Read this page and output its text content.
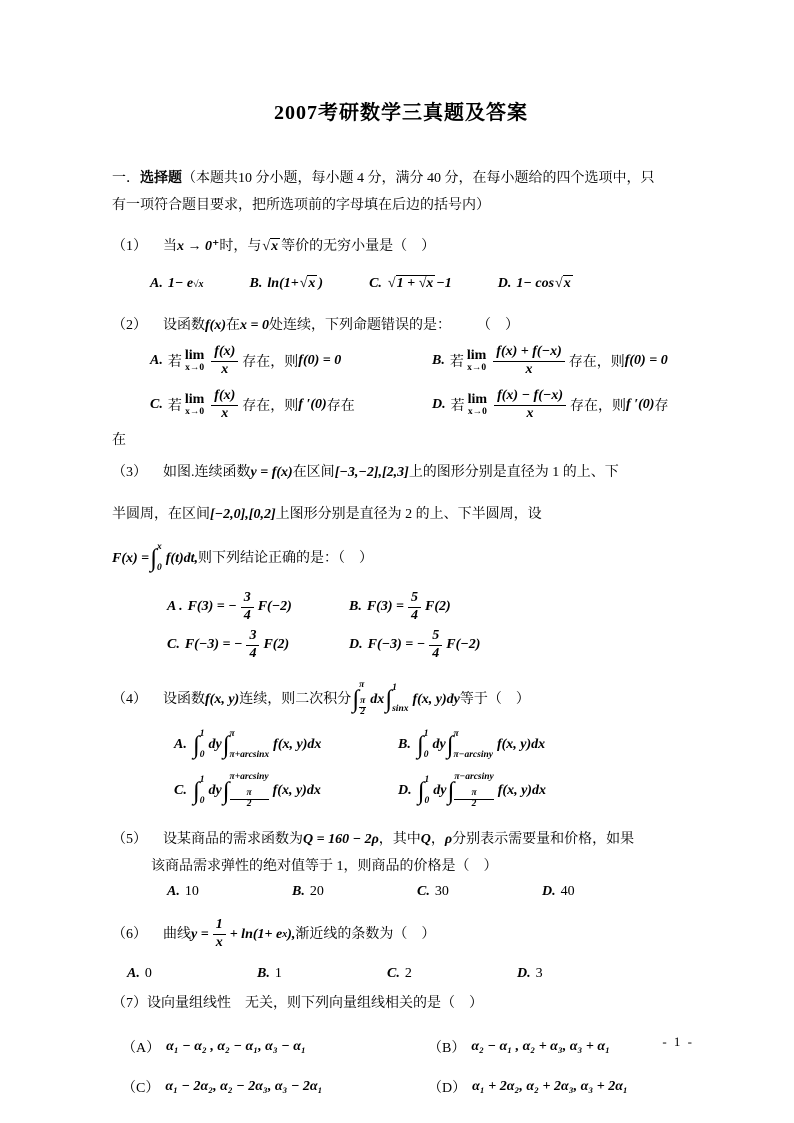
2007考研数学三真题及答案
一．选择题（本题共10 分小题，每小题 4 分，满分 40 分，在每小题给的四个选项中，只
有一项符合题目要求，把所选项前的字母填在后边的括号内）
（1） 当 x → 0⁺ 时，与 √x 等价的无穷小量是（　）
A. 1− e √x	B. ln(1+ √x )	C. √1 + √x −1	D. 1− cos √x
（2） 设函数 f(x) 在 x = 0 处连续，下列命题错误的是： （　）
A. 若 lim
$x\to 0 \frac{f(x)}{x}$ 存在，则 f(0) = 0	B. 若 lim
$x\to 0 \frac{f(x) + f(-x)}{x}$ 存在，则 f(0) = 0
C. 若 lim
$x\to 0 \frac{f(x)}{x}$ 存在，则 f ′(0) 存在	D. 若 lim
$x\to 0 \frac{f(x) - f(-x)}{x}$ 存在，则 f ′(0) 存
在
（3） 如图.连续函数 y = f(x) 在区间 [−3,−2],[2,3] 上的图形分别是直径为 1 的上、下
半圆周，在区间 [−2,0],[0,2] 上图形分别是直径为 2 的上、下半圆周，设
F(x) = ∫ x
0
f(t)dt, 则下列结论正确的是：（　）
A . F(3) = − $\frac{3}{4} F(-2)$	B. $F(3) = \frac{5}{4} F(2)$
C. F(−3) = − $\frac{3}{4} F(2)$	D. F(−3) = − $\frac{5}{4} F(-2)$
（4） 设函数 f(x, y) 连续，则二次积分 ∫
π
π
2
dx ∫ 1
sinx
f(x, y)dy 等于（　）
A. ∫ 1
0
dy ∫ π
π+arcsinx
f(x, y)dx	B. ∫ 1
0
dy ∫ π
π−arcsiny
f(x, y)dx
C. ∫ 1
0
dy ∫
π+arcsiny
π
2
f(x, y)dx	D. ∫ 1
0
dy ∫
π−arcsiny
π
2
f(x, y)dx
（5） 设某商品的需求函数为 Q = 160 − 2ρ ，其中 Q ， ρ 分别表示需要量和价格，如果
该商品需求弹性的绝对值等于 1，则商品的价格是（　）
A. 10	B. 20	C. 30	D. 40
（6） 曲线 $y = \frac{1}{x} + \ln(1+ e$ x ), 渐近线的条数为（　）
A. 0	B. 1	C. 2	D. 3
（7）设向量组线性　无关，则下列向量组线相关的是（　）
（A） α₁ − α₂ , α₂ − α₁, α₃ − α₁	（B） α₂ − α₁ , α₂ + α₃, α₃ + α₁
（C） α₁ − 2α₂, α₂ − 2α₃, α₃ − 2α₁	（D） α₁ + 2α₂, α₂ + 2α₃, α₃ + 2α₁
- 1 -
